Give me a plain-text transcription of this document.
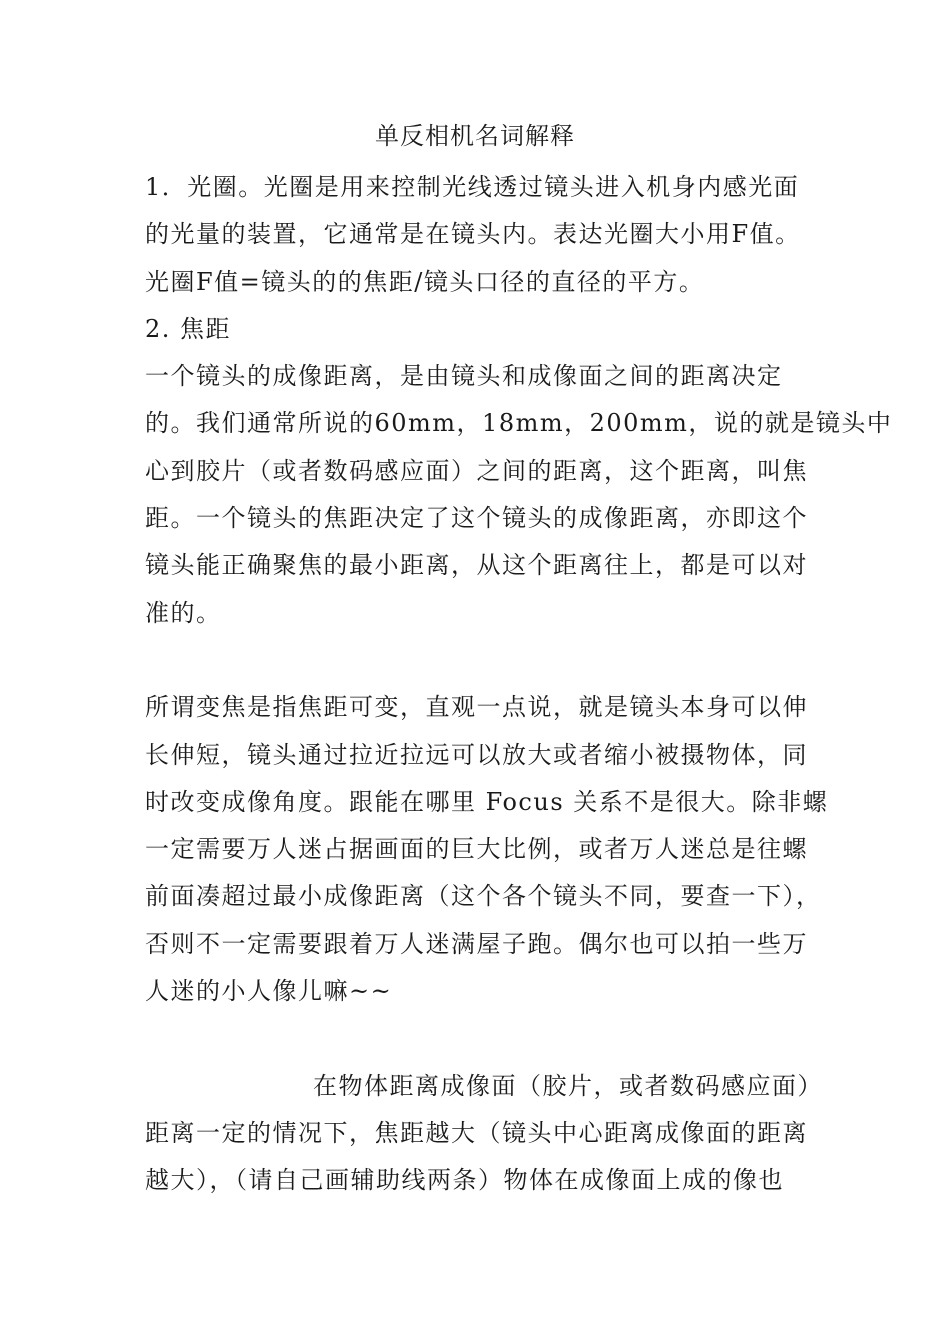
单反相机名词解释
1．光圈。光圈是用来控制光线透过镜头进入机身内感光面
的光量的装置，它通常是在镜头内。表达光圈大小用F值。
光圈F值=镜头的的焦距/镜头口径的直径的平方。
2. 焦距
一个镜头的成像距离，是由镜头和成像面之间的距离决定
的。我们通常所说的60mm，18mm，200mm，说的就是镜头中
心到胶片（或者数码感应面）之间的距离，这个距离，叫焦
距。一个镜头的焦距决定了这个镜头的成像距离，亦即这个
镜头能正确聚焦的最小距离，从这个距离往上，都是可以对
准的。
所谓变焦是指焦距可变，直观一点说，就是镜头本身可以伸
长伸短，镜头通过拉近拉远可以放大或者缩小被摄物体，同
时改变成像角度。跟能在哪里 Focus 关系不是很大。除非螺
一定需要万人迷占据画面的巨大比例，或者万人迷总是往螺
前面凑超过最小成像距离（这个各个镜头不同，要查一下），
否则不一定需要跟着万人迷满屋子跑。偶尔也可以拍一些万
人迷的小人像儿嘛~~
在物体距离成像面（胶片，或者数码感应面）
距离一定的情况下，焦距越大（镜头中心距离成像面的距离
越大），（请自己画辅助线两条）物体在成像面上成的像也
